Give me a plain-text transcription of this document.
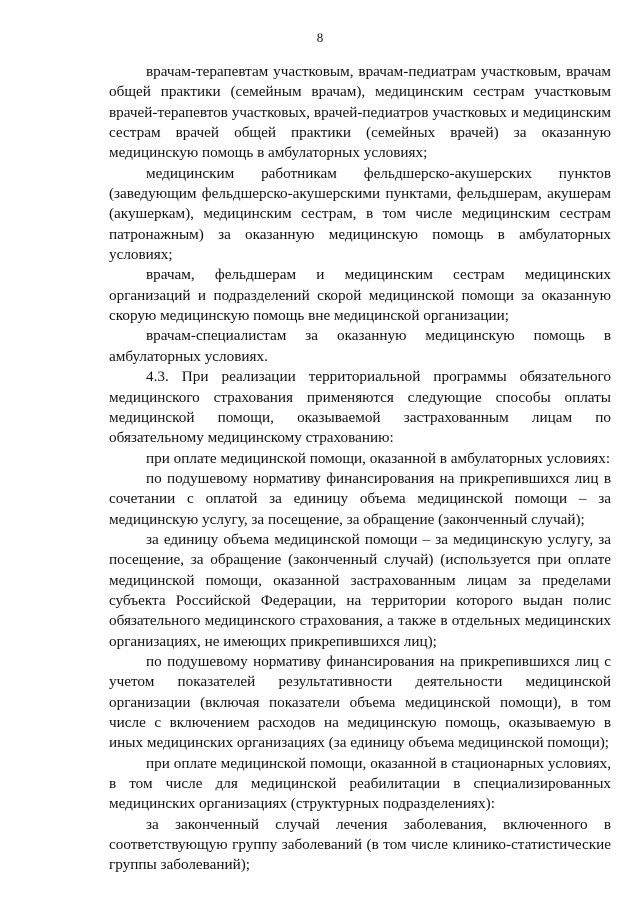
8

врачам-терапевтам участковым, врачам-педиатрам участковым, врачам общей практики (семейным врачам), медицинским сестрам участковым врачей-терапевтов участковых, врачей-педиатров участковых и медицинским сестрам врачей общей практики (семейных врачей) за оказанную медицинскую помощь в амбулаторных условиях;

медицинским работникам фельдшерско-акушерских пунктов (заведующим фельдшерско-акушерскими пунктами, фельдшерам, акушерам (акушеркам), медицинским сестрам, в том числе медицинским сестрам патронажным) за оказанную медицинскую помощь в амбулаторных условиях;

врачам, фельдшерам и медицинским сестрам медицинских организаций и подразделений скорой медицинской помощи за оказанную скорую медицинскую помощь вне медицинской организации;

врачам-специалистам за оказанную медицинскую помощь в амбулаторных условиях.

4.3. При реализации территориальной программы обязательного медицинского страхования применяются следующие способы оплаты медицинской помощи, оказываемой застрахованным лицам по обязательному медицинскому страхованию:

при оплате медицинской помощи, оказанной в амбулаторных условиях:

по подушевому нормативу финансирования на прикрепившихся лиц в сочетании с оплатой за единицу объема медицинской помощи – за медицинскую услугу, за посещение, за обращение (законченный случай);

за единицу объема медицинской помощи – за медицинскую услугу, за посещение, за обращение (законченный случай) (используется при оплате медицинской помощи, оказанной застрахованным лицам за пределами субъекта Российской Федерации, на территории которого выдан полис обязательного медицинского страхования, а также в отдельных медицинских организациях, не имеющих прикрепившихся лиц);

по подушевому нормативу финансирования на прикрепившихся лиц с учетом показателей результативности деятельности медицинской организации (включая показатели объема медицинской помощи), в том числе с включением расходов на медицинскую помощь, оказываемую в иных медицинских организациях (за единицу объема медицинской помощи);

при оплате медицинской помощи, оказанной в стационарных условиях, в том числе для медицинской реабилитации в специализированных медицинских организациях (структурных подразделениях):

за законченный случай лечения заболевания, включенного в соответствующую группу заболеваний (в том числе клинико-статистические группы заболеваний);
